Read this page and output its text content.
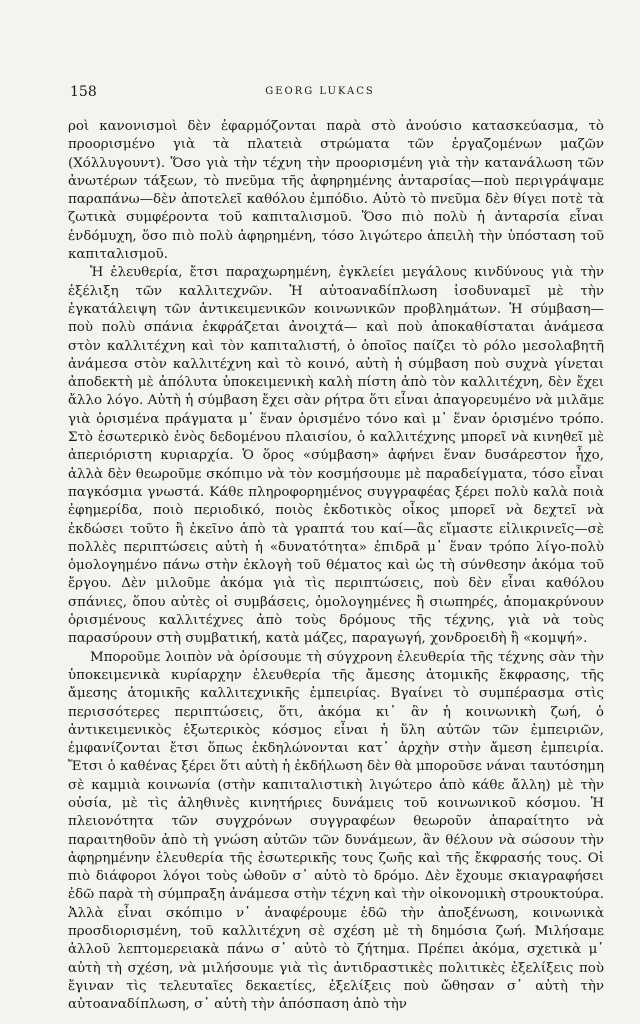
158	GEORG LUKACS

ροὶ κανονισμοὶ δὲν ἐφαρμόζονται παρὰ στὸ ἀνούσιο κατασκεύασμα, τὸ προορισμένο γιὰ τὰ πλατειὰ στρώματα τῶν ἐργαζομένων μαζῶν (Χόλλυγουντ). Ὅσο γιὰ τὴν τέχνη τὴν προορισμένη γιὰ τὴν κατανάλωση τῶν ἀνωτέρων τάξεων, τὸ πνεῦμα τῆς ἀφηρημένης ἀνταρσίας—ποὺ περιγράψαμε παραπάνω—δὲν ἀποτελεῖ καθόλου ἐμπόδιο. Αὐτὸ τὸ πνεῦμα δὲν θίγει ποτὲ τὰ ζωτικὰ συμφέροντα τοῦ καπιταλισμοῦ. Ὅσο πιὸ πολὺ ἡ ἀνταρσία εἶναι ἐνδόμυχη, ὅσο πιὸ πολὺ ἀφηρημένη, τόσο λιγώτερο ἀπειλὴ τὴν ὑπόσταση τοῦ καπιταλισμοῦ.

Ἡ ἐλευθερία, ἔτσι παραχωρημένη, ἐγκλείει μεγάλους κινδύνους γιὰ τὴν ἐξέλιξη τῶν καλλιτεχνῶν. Ἡ αὐτοαναδίπλωση ἰσοδυναμεῖ μὲ τὴν ἐγκατάλειψη τῶν ἀντικειμενικῶν κοινωνικῶν προβλημάτων. Ἡ σύμβαση—ποὺ πολὺ σπάνια ἐκφράζεται ἀνοιχτά— καὶ ποὺ ἀποκαθίσταται ἀνάμεσα στὸν καλλιτέχνη καὶ τὸν καπιταλιστή, ὁ ὁποῖος παίζει τὸ ρόλο μεσολαβητῆ ἀνάμεσα στὸν καλλιτέχνη καὶ τὸ κοινό, αὐτὴ ἡ σύμβαση ποὺ συχνὰ γίνεται ἀποδεκτὴ μὲ ἀπόλυτα ὑποκειμενικὴ καλὴ πίστη ἀπὸ τὸν καλλιτέχνη, δὲν ἔχει ἄλλο λόγο. Αὐτὴ ἡ σύμβαση ἔχει σὰν ρήτρα ὅτι εἶναι ἀπαγορευμένο νὰ μιλᾶμε γιὰ ὁρισμένα πράγματα μ᾿ ἕναν ὁρισμένο τόνο καὶ μ᾿ ἕναν ὁρισμένο τρόπο. Στὸ ἐσωτερικὸ ἑνὸς δεδομένου πλαισίου, ὁ καλλιτέχνης μπορεῖ νὰ κινηθεῖ μὲ ἀπεριόριστη κυριαρχία. Ὁ ὅρος «σύμβαση» ἀφήνει ἕναν δυσάρεστον ἦχο, ἀλλὰ δὲν θεωροῦμε σκόπιμο νὰ τὸν κοσμήσουμε μὲ παραδείγματα, τόσο εἶναι παγκόσμια γνωστά. Κάθε πληροφορημένος συγγραφέας ξέρει πολὺ καλὰ ποιὰ ἐφημερίδα, ποιὸ περιοδικό, ποιὸς ἐκδοτικὸς οἶκος μπορεῖ νὰ δεχτεῖ νὰ ἐκδώσει τοῦτο ἢ ἐκεῖνο ἀπὸ τὰ γραπτά του καί—ἂς εἴμαστε εἰλικρινεῖς—σὲ πολλὲς περιπτώσεις αὐτὴ ἡ «δυνατότητα» ἐπιδρᾶ μ᾿ ἕναν τρόπο λίγο-πολὺ ὁμολογημένο πάνω στὴν ἐκλογὴ τοῦ θέματος καὶ ὡς τὴ σύνθεσην ἀκόμα τοῦ ἔργου. Δὲν μιλοῦμε ἀκόμα γιὰ τὶς περιπτώσεις, ποὺ δὲν εἶναι καθόλου σπάνιες, ὅπου αὐτὲς οἱ συμβάσεις, ὁμολογημένες ἢ σιωπηρές, ἀπομακρύνουν ὁρισμένους καλλιτέχνες ἀπὸ τοὺς δρόμους τῆς τέχνης, γιὰ νὰ τοὺς παρασύρουν στὴ συμβατική, κατὰ μάζες, παραγωγή, χονδροειδὴ ἢ «κομψή».

Μποροῦμε λοιπὸν νὰ ὁρίσουμε τὴ σύγχρονη ἐλευθερία τῆς τέχνης σὰν τὴν ὑποκειμενικὰ κυρίαρχην ἐλευθερία τῆς ἄμεσης ἀτομικῆς ἔκφρασης, τῆς ἄμεσης ἀτομικῆς καλλιτεχνικῆς ἐμπειρίας. Βγαίνει τὸ συμπέρασμα στὶς περισσότερες περιπτώσεις, ὅτι, ἀκόμα κι᾿ ἂν ἡ κοινωνικὴ ζωή, ὁ ἀντικειμενικὸς ἐξωτερικὸς κόσμος εἶναι ἡ ὕλη αὐτῶν τῶν ἐμπειριῶν, ἐμφανίζονται ἔτσι ὅπως ἐκδηλώνονται κατ᾿ ἀρχὴν στὴν ἄμεση ἐμπειρία. Ἔτσι ὁ καθένας ξέρει ὅτι αὐτὴ ἡ ἐκδήλωση δὲν θὰ μποροῦσε νάναι ταυτόσημη σὲ καμμιὰ κοινωνία (στὴν καπιταλιστικὴ λιγώτερο ἀπὸ κάθε ἄλλη) μὲ τὴν οὐσία, μὲ τὶς ἀληθινὲς κινητήριες δυνάμεις τοῦ κοινωνικοῦ κόσμου. Ἡ πλειονότητα τῶν συγχρόνων συγγραφέων θεωροῦν ἀπαραίτητο νὰ παραιτηθοῦν ἀπὸ τὴ γνώση αὐτῶν τῶν δυνάμεων, ἂν θέλουν νὰ σώσουν τὴν ἀφηρημένην ἐλευθερία τῆς ἐσωτερικῆς τους ζωῆς καὶ τῆς ἔκφρασής τους. Οἱ πιὸ διάφοροι λόγοι τοὺς ὠθοῦν σ᾿ αὐτὸ τὸ δρόμο. Δὲν ἔχουμε σκιαγραφήσει ἐδῶ παρὰ τὴ σύμπραξη ἀνάμεσα στὴν τέχνη καὶ τὴν οἰκονομικὴ στρουκτούρα. Ἀλλὰ εἶναι σκόπιμο ν᾿ ἀναφέρουμε ἐδῶ τὴν ἀποξένωση, κοινωνικὰ προσδιορισμένη, τοῦ καλλιτέχνη σὲ σχέση μὲ τὴ δημόσια ζωή. Μιλήσαμε ἀλλοῦ λεπτομερειακὰ πάνω σ᾿ αὐτὸ τὸ ζήτημα. Πρέπει ἀκόμα, σχετικὰ μ᾿ αὐτὴ τὴ σχέση, νὰ μιλήσουμε γιὰ τὶς ἀντιδραστικὲς πολιτικὲς ἐξελίξεις ποὺ ἔγιναν τὶς τελευταῖες δεκαετίες, ἐξελίξεις ποὺ ὤθησαν σ᾿ αὐτὴ τὴν αὐτοαναδίπλωση, σ᾿ αὐτὴ τὴν ἀπόσπαση ἀπὸ τὴν
